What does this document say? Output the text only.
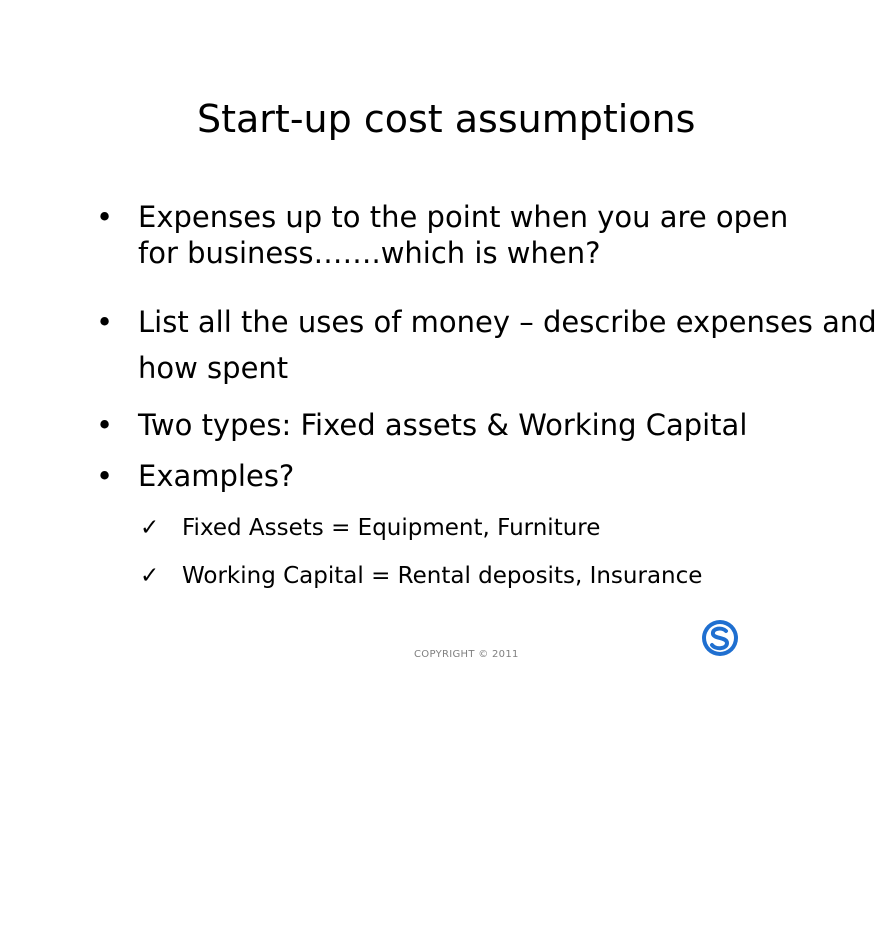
Start-up cost assumptions
• Expenses up to the point when you are open
for business…….which is when?
• List all the uses of money – describe expenses and
how spent
• Two types: Fixed assets & Working Capital
• Examples?
✓ Fixed Assets = Equipment, Furniture
✓ Working Capital = Rental deposits, Insurance
COPYRIGHT © 2011
